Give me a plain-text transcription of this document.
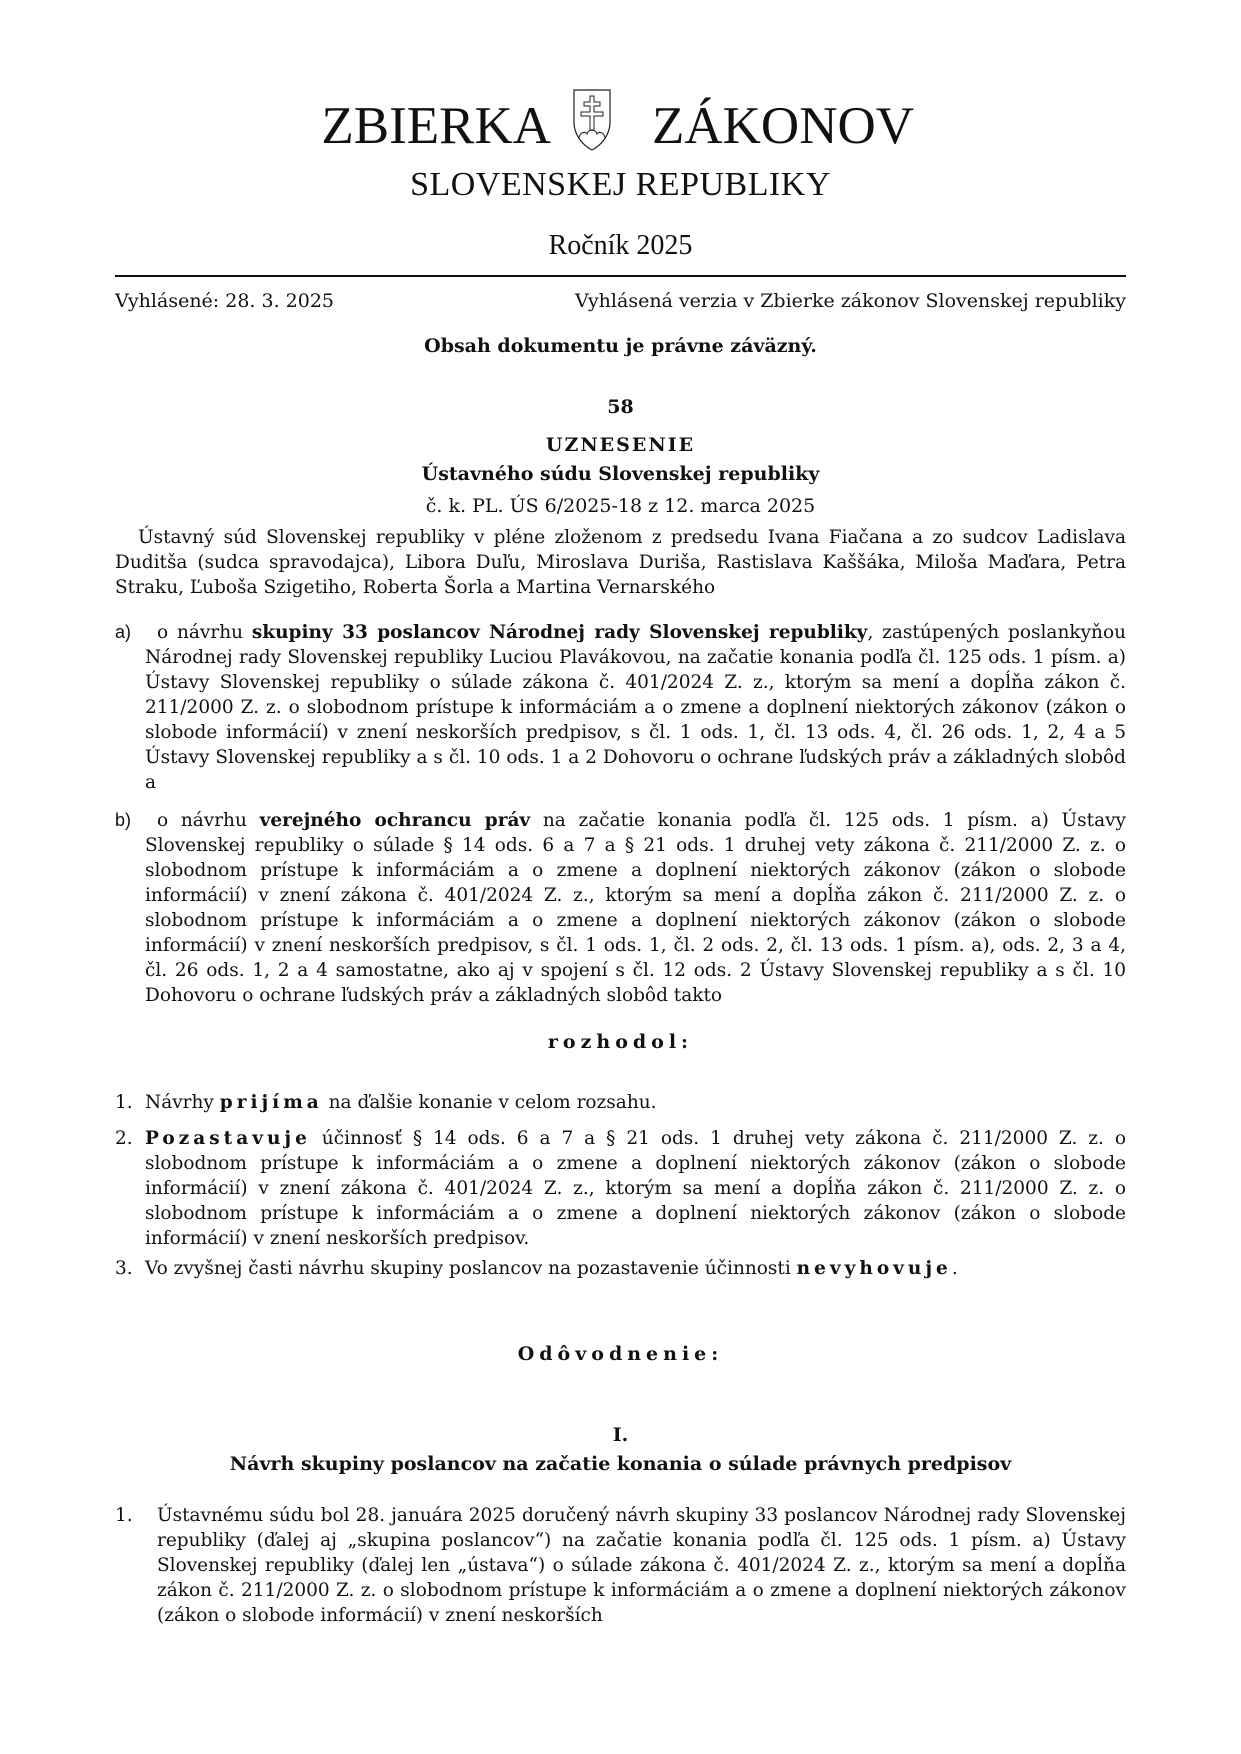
ZBIERKA ZÁKONOV
SLOVENSKEJ REPUBLIKY
Ročník 2025
Vyhlásené: 28. 3. 2025	Vyhlásená verzia v Zbierke zákonov Slovenskej republiky
Obsah dokumentu je právne záväzný.
58
UZNESENIE
Ústavného súdu Slovenskej republiky
č. k. PL. ÚS 6/2025-18 z 12. marca 2025
Ústavný súd Slovenskej republiky v pléne zloženom z predsedu Ivana Fiačana a zo sudcov Ladislava Duditša (sudca spravodajca), Libora Duľu, Miroslava Duriša, Rastislava Kaššáka, Miloša Maďara, Petra Straku, Ľuboša Szigetiho, Roberta Šorla a Martina Vernarského
a)	o návrhu skupiny 33 poslancov Národnej rady Slovenskej republiky, zastúpených poslankyňou Národnej rady Slovenskej republiky Luciou Plavákovou, na začatie konania podľa čl. 125 ods. 1 písm. a) Ústavy Slovenskej republiky o súlade zákona č. 401/2024 Z. z., ktorým sa mení a dopĺňa zákon č. 211/2000 Z. z. o slobodnom prístupe k informáciám a o zmene a doplnení niektorých zákonov (zákon o slobode informácií) v znení neskorších predpisov, s čl. 1 ods. 1, čl. 13 ods. 4, čl. 26 ods. 1, 2, 4 a 5 Ústavy Slovenskej republiky a s čl. 10 ods. 1 a 2 Dohovoru o ochrane ľudských práv a základných slobôd a
b)	o návrhu verejného ochrancu práv na začatie konania podľa čl. 125 ods. 1 písm. a) Ústavy Slovenskej republiky o súlade § 14 ods. 6 a 7 a § 21 ods. 1 druhej vety zákona č. 211/2000 Z. z. o slobodnom prístupe k informáciám a o zmene a doplnení niektorých zákonov (zákon o slobode informácií) v znení zákona č. 401/2024 Z. z., ktorým sa mení a dopĺňa zákon č. 211/2000 Z. z. o slobodnom prístupe k informáciám a o zmene a doplnení niektorých zákonov (zákon o slobode informácií) v znení neskorších predpisov, s čl. 1 ods. 1, čl. 2 ods. 2, čl. 13 ods. 1 písm. a), ods. 2, 3 a 4, čl. 26 ods. 1, 2 a 4 samostatne, ako aj v spojení s čl. 12 ods. 2 Ústavy Slovenskej republiky a s čl. 10 Dohovoru o ochrane ľudských práv a základných slobôd takto
rozhodol:
1. Návrhy prijíma na ďalšie konanie v celom rozsahu.
2. Pozastavuje účinnosť § 14 ods. 6 a 7 a § 21 ods. 1 druhej vety zákona č. 211/2000 Z. z. o slobodnom prístupe k informáciám a o zmene a doplnení niektorých zákonov (zákon o slobode informácií) v znení zákona č. 401/2024 Z. z., ktorým sa mení a dopĺňa zákon č. 211/2000 Z. z. o slobodnom prístupe k informáciám a o zmene a doplnení niektorých zákonov (zákon o slobode informácií) v znení neskorších predpisov.
3. Vo zvyšnej časti návrhu skupiny poslancov na pozastavenie účinnosti nevyhovuje.
Odôvodnenie:
I.
Návrh skupiny poslancov na začatie konania o súlade právnych predpisov
1. Ústavnému súdu bol 28. januára 2025 doručený návrh skupiny 33 poslancov Národnej rady Slovenskej republiky (ďalej aj „skupina poslancov“) na začatie konania podľa čl. 125 ods. 1 písm. a) Ústavy Slovenskej republiky (ďalej len „ústava“) o súlade zákona č. 401/2024 Z. z., ktorým sa mení a dopĺňa zákon č. 211/2000 Z. z. o slobodnom prístupe k informáciám a o zmene a doplnení niektorých zákonov (zákon o slobode informácií) v znení neskorších
